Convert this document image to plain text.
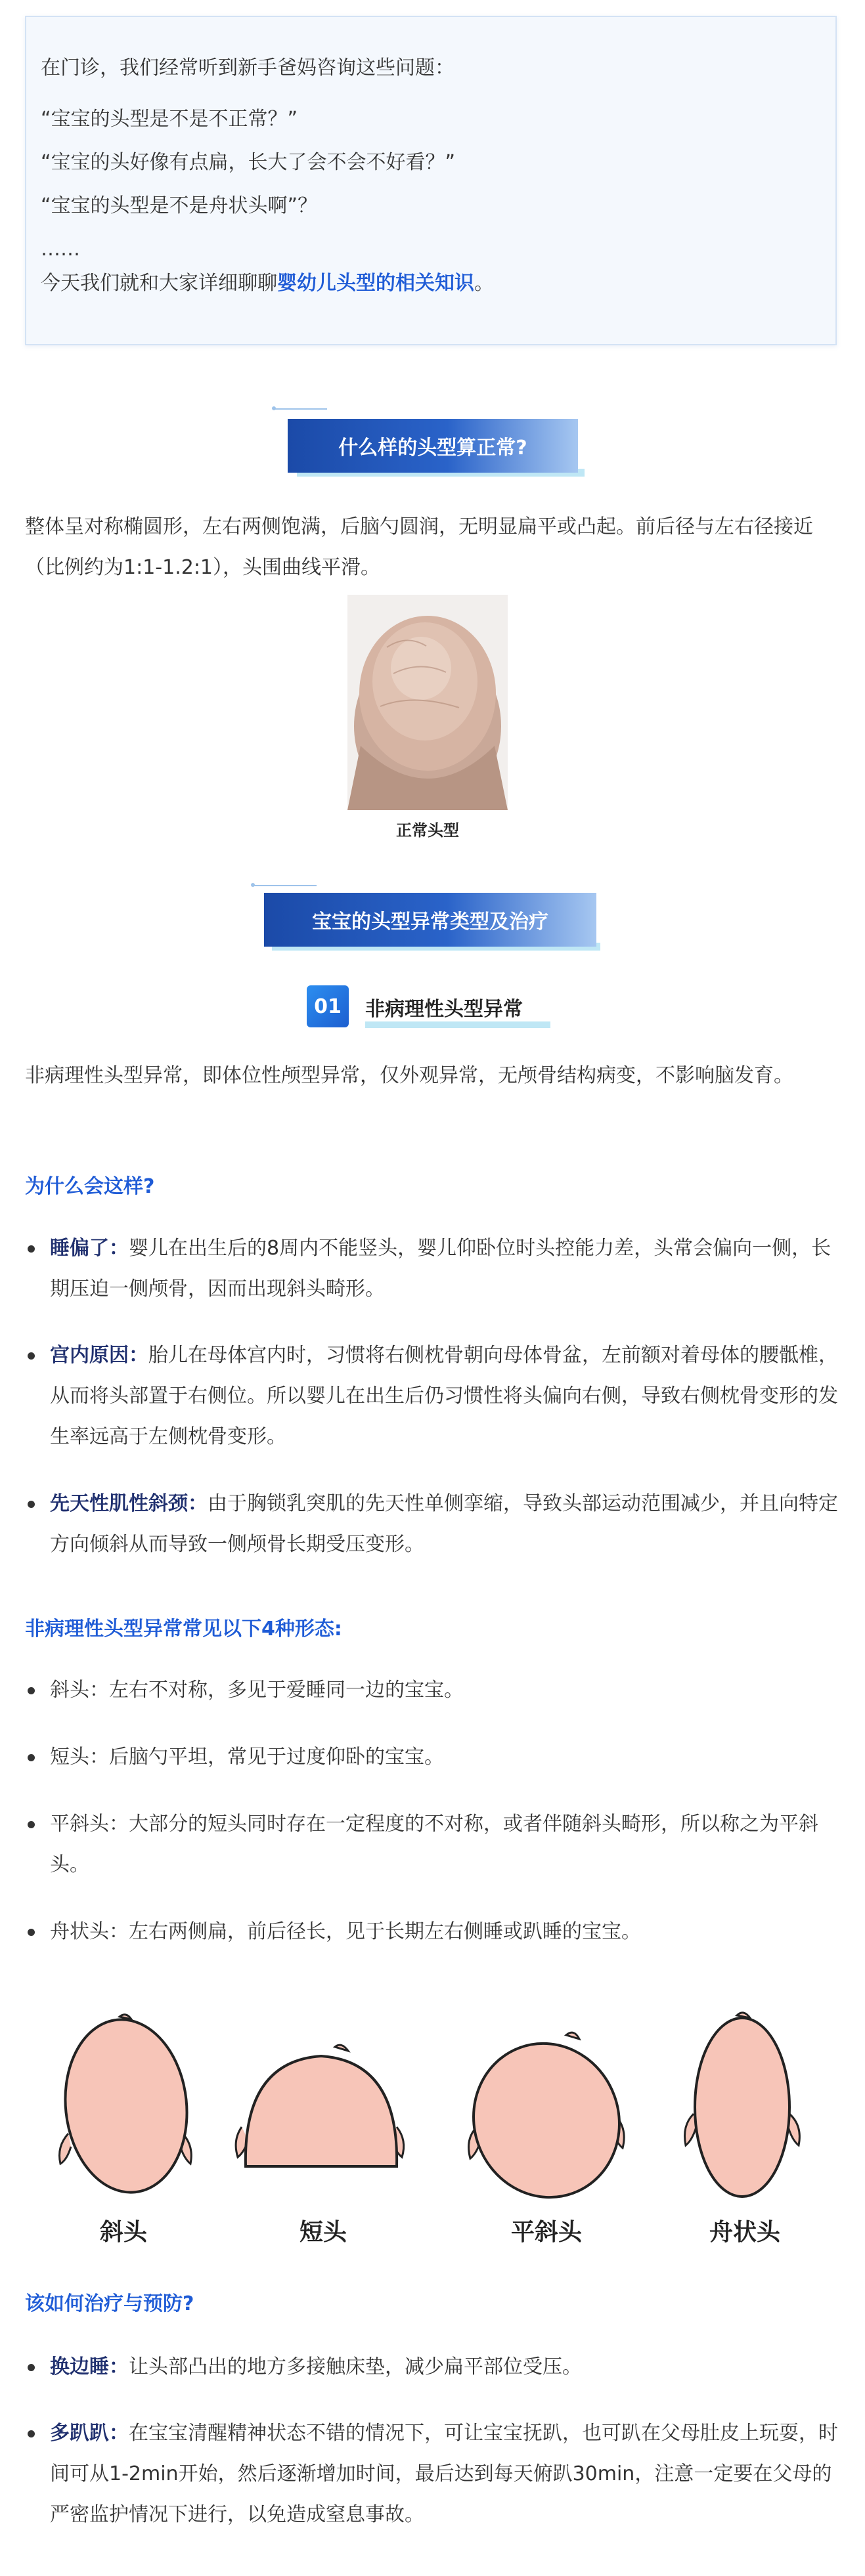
在门诊，我们经常听到新手爸妈咨询这些问题：

“宝宝的头型是不是不正常？”

“宝宝的头好像有点扁，长大了会不会不好看？”

“宝宝的头型是不是舟状头啊”？

……

今天我们就和大家详细聊聊婴幼儿头型的相关知识。

什么样的头型算正常?
整体呈对称椭圆形，左右两侧饱满，后脑勺圆润，无明显扁平或凸起。前后径与左右径接近（比例约为1:1-1.2:1），头围曲线平滑。
正常头型
宝宝的头型异常类型及治疗
01	非病理性头型异常
非病理性头型异常，即体位性颅型异常，仅外观异常，无颅骨结构病变，不影响脑发育。
为什么会这样?
睡偏了：婴儿在出生后的8周内不能竖头，婴儿仰卧位时头控能力差，头常会偏向一侧，长期压迫一侧颅骨，因而出现斜头畸形。
宫内原因：胎儿在母体宫内时，习惯将右侧枕骨朝向母体骨盆，左前额对着母体的腰骶椎，从而将头部置于右侧位。所以婴儿在出生后仍习惯性将头偏向右侧，导致右侧枕骨变形的发生率远高于左侧枕骨变形。
先天性肌性斜颈：由于胸锁乳突肌的先天性单侧挛缩，导致头部运动范围减少，并且向特定方向倾斜从而导致一侧颅骨长期受压变形。
非病理性头型异常常见以下4种形态:
斜头：左右不对称，多见于爱睡同一边的宝宝。
短头：后脑勺平坦，常见于过度仰卧的宝宝。
平斜头：大部分的短头同时存在一定程度的不对称，或者伴随斜头畸形，所以称之为平斜头。
舟状头：左右两侧扁，前后径长，见于长期左右侧睡或趴睡的宝宝。
斜头	短头	平斜头	舟状头
该如何治疗与预防?
换边睡：让头部凸出的地方多接触床垫，减少扁平部位受压。
多趴趴：在宝宝清醒精神状态不错的情况下，可让宝宝抚趴，也可趴在父母肚皮上玩耍，时间可从1-2min开始，然后逐渐增加时间，最后达到每天俯趴30min，注意一定要在父母的严密监护情况下进行，以免造成窒息事故。
